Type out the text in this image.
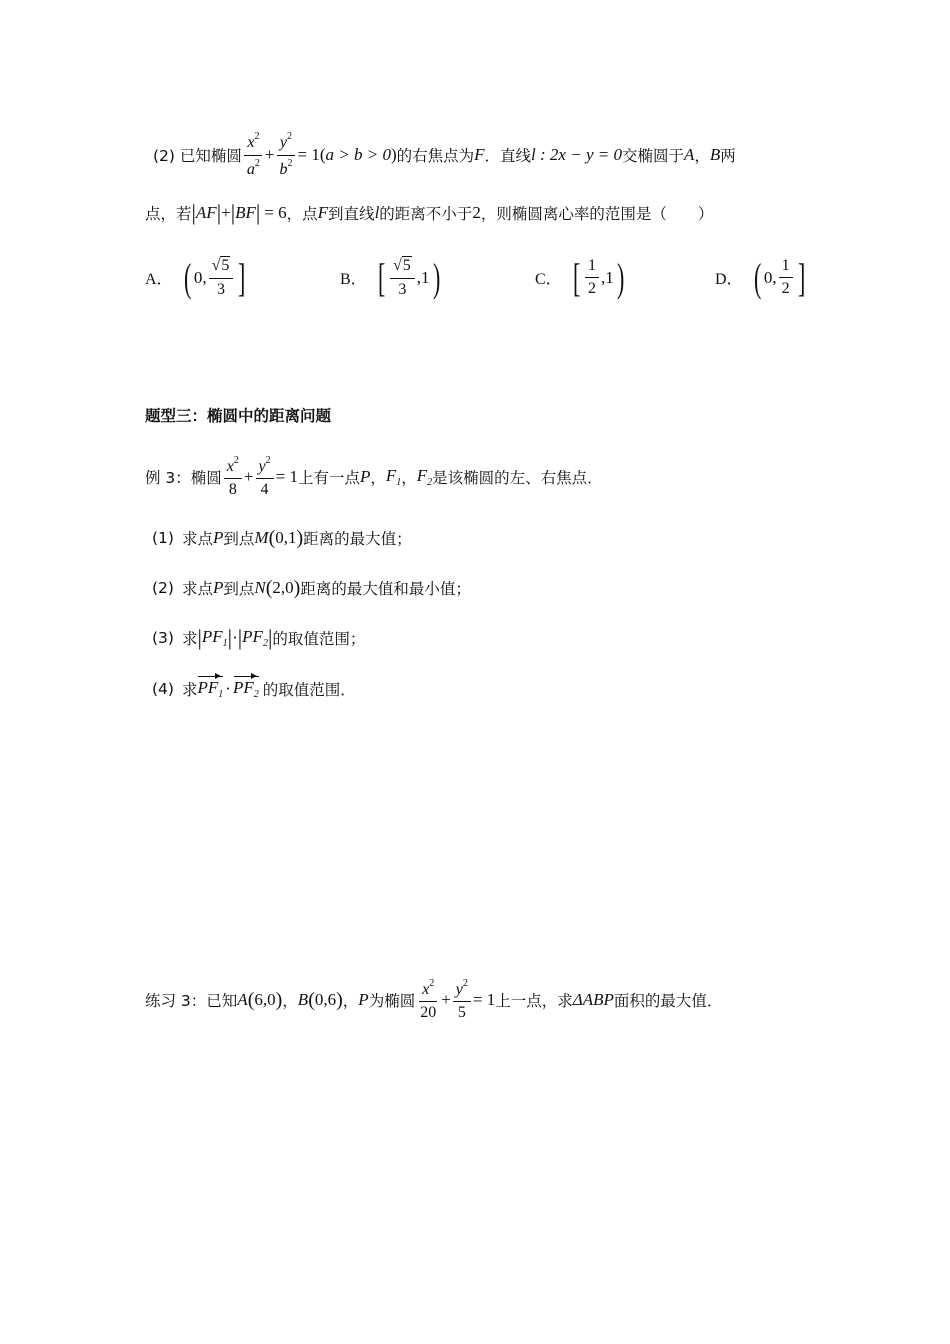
(2) 已知椭圆 $\frac{x^2}{a^2} + \frac{y^2}{b^2} = 1$ ( a > b > 0 ) 的右焦点为 F ．直线 l : 2x − y = 0 交椭圆于 A ， B 两
点，若 | AF | + | BF | = 6 ，点 F 到直线 l 的距离不小于 2 ，则椭圆离心率的范围是（　　）
A． ( 0, $\frac{√ 5}{3}$ ]	B． [ $\frac{√ 5}{3} ,1$ )	C． [ $\frac{1}{2} ,1$ )	D． ( 0, $\frac{1}{2}$ ]
题型三：椭圆中的距离问题
例 3：椭圆 $\frac{x^2}{8} + \frac{y^2}{4} = 1$ 上有一点 P ， $F_1$ ， $F_2$ 是该椭圆的左、右焦点．
(1) 求点 P 到点 M ( 0,1 ) 距离的最大值；
(2) 求点 P 到点 N ( 2,0 ) 距离的最大值和最小值；
(3) 求 | $PF_1$ | · | $PF_2$ | 的取值范围；
(4) 求 $PF_1 \cdot PF_2$ 的取值范围．
练习 3：已知 A ( 6,0 ) ， B ( 0,6 ) ， P 为椭圆 $\frac{x^2}{20} + \frac{y^2}{5} = 1$ 上一点，求 ΔABP 面积的最大值．
